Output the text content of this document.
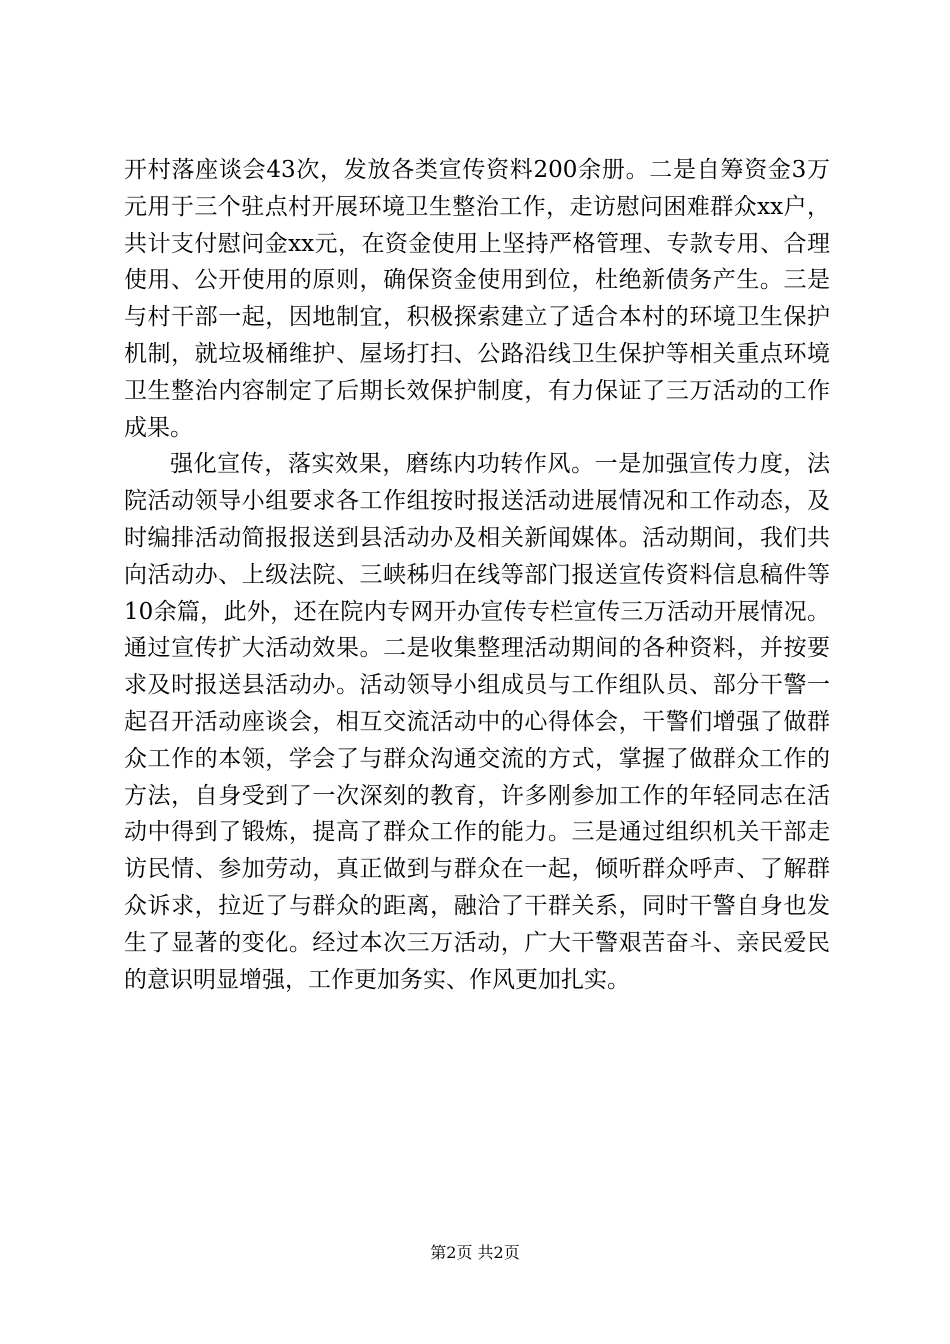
开村落座谈会43次，发放各类宣传资料200余册。二是自筹资金3万元用于三个驻点村开展环境卫生整治工作，走访慰问困难群众xx户，共计支付慰问金xx元，在资金使用上坚持严格管理、专款专用、合理使用、公开使用的原则，确保资金使用到位，杜绝新债务产生。三是与村干部一起，因地制宜，积极探索建立了适合本村的环境卫生保护机制，就垃圾桶维护、屋场打扫、公路沿线卫生保护等相关重点环境卫生整治内容制定了后期长效保护制度，有力保证了三万活动的工作成果。

强化宣传，落实效果，磨练内功转作风。一是加强宣传力度，法院活动领导小组要求各工作组按时报送活动进展情况和工作动态，及时编排活动简报报送到县活动办及相关新闻媒体。活动期间，我们共向活动办、上级法院、三峡秭归在线等部门报送宣传资料信息稿件等10余篇，此外，还在院内专网开办宣传专栏宣传三万活动开展情况。通过宣传扩大活动效果。二是收集整理活动期间的各种资料，并按要求及时报送县活动办。活动领导小组成员与工作组队员、部分干警一起召开活动座谈会，相互交流活动中的心得体会，干警们增强了做群众工作的本领，学会了与群众沟通交流的方式，掌握了做群众工作的方法，自身受到了一次深刻的教育，许多刚参加工作的年轻同志在活动中得到了锻炼，提高了群众工作的能力。三是通过组织机关干部走访民情、参加劳动，真正做到与群众在一起，倾听群众呼声、了解群众诉求，拉近了与群众的距离，融洽了干群关系，同时干警自身也发生了显著的变化。经过本次三万活动，广大干警艰苦奋斗、亲民爱民的意识明显增强，工作更加务实、作风更加扎实。

第2页 共2页
